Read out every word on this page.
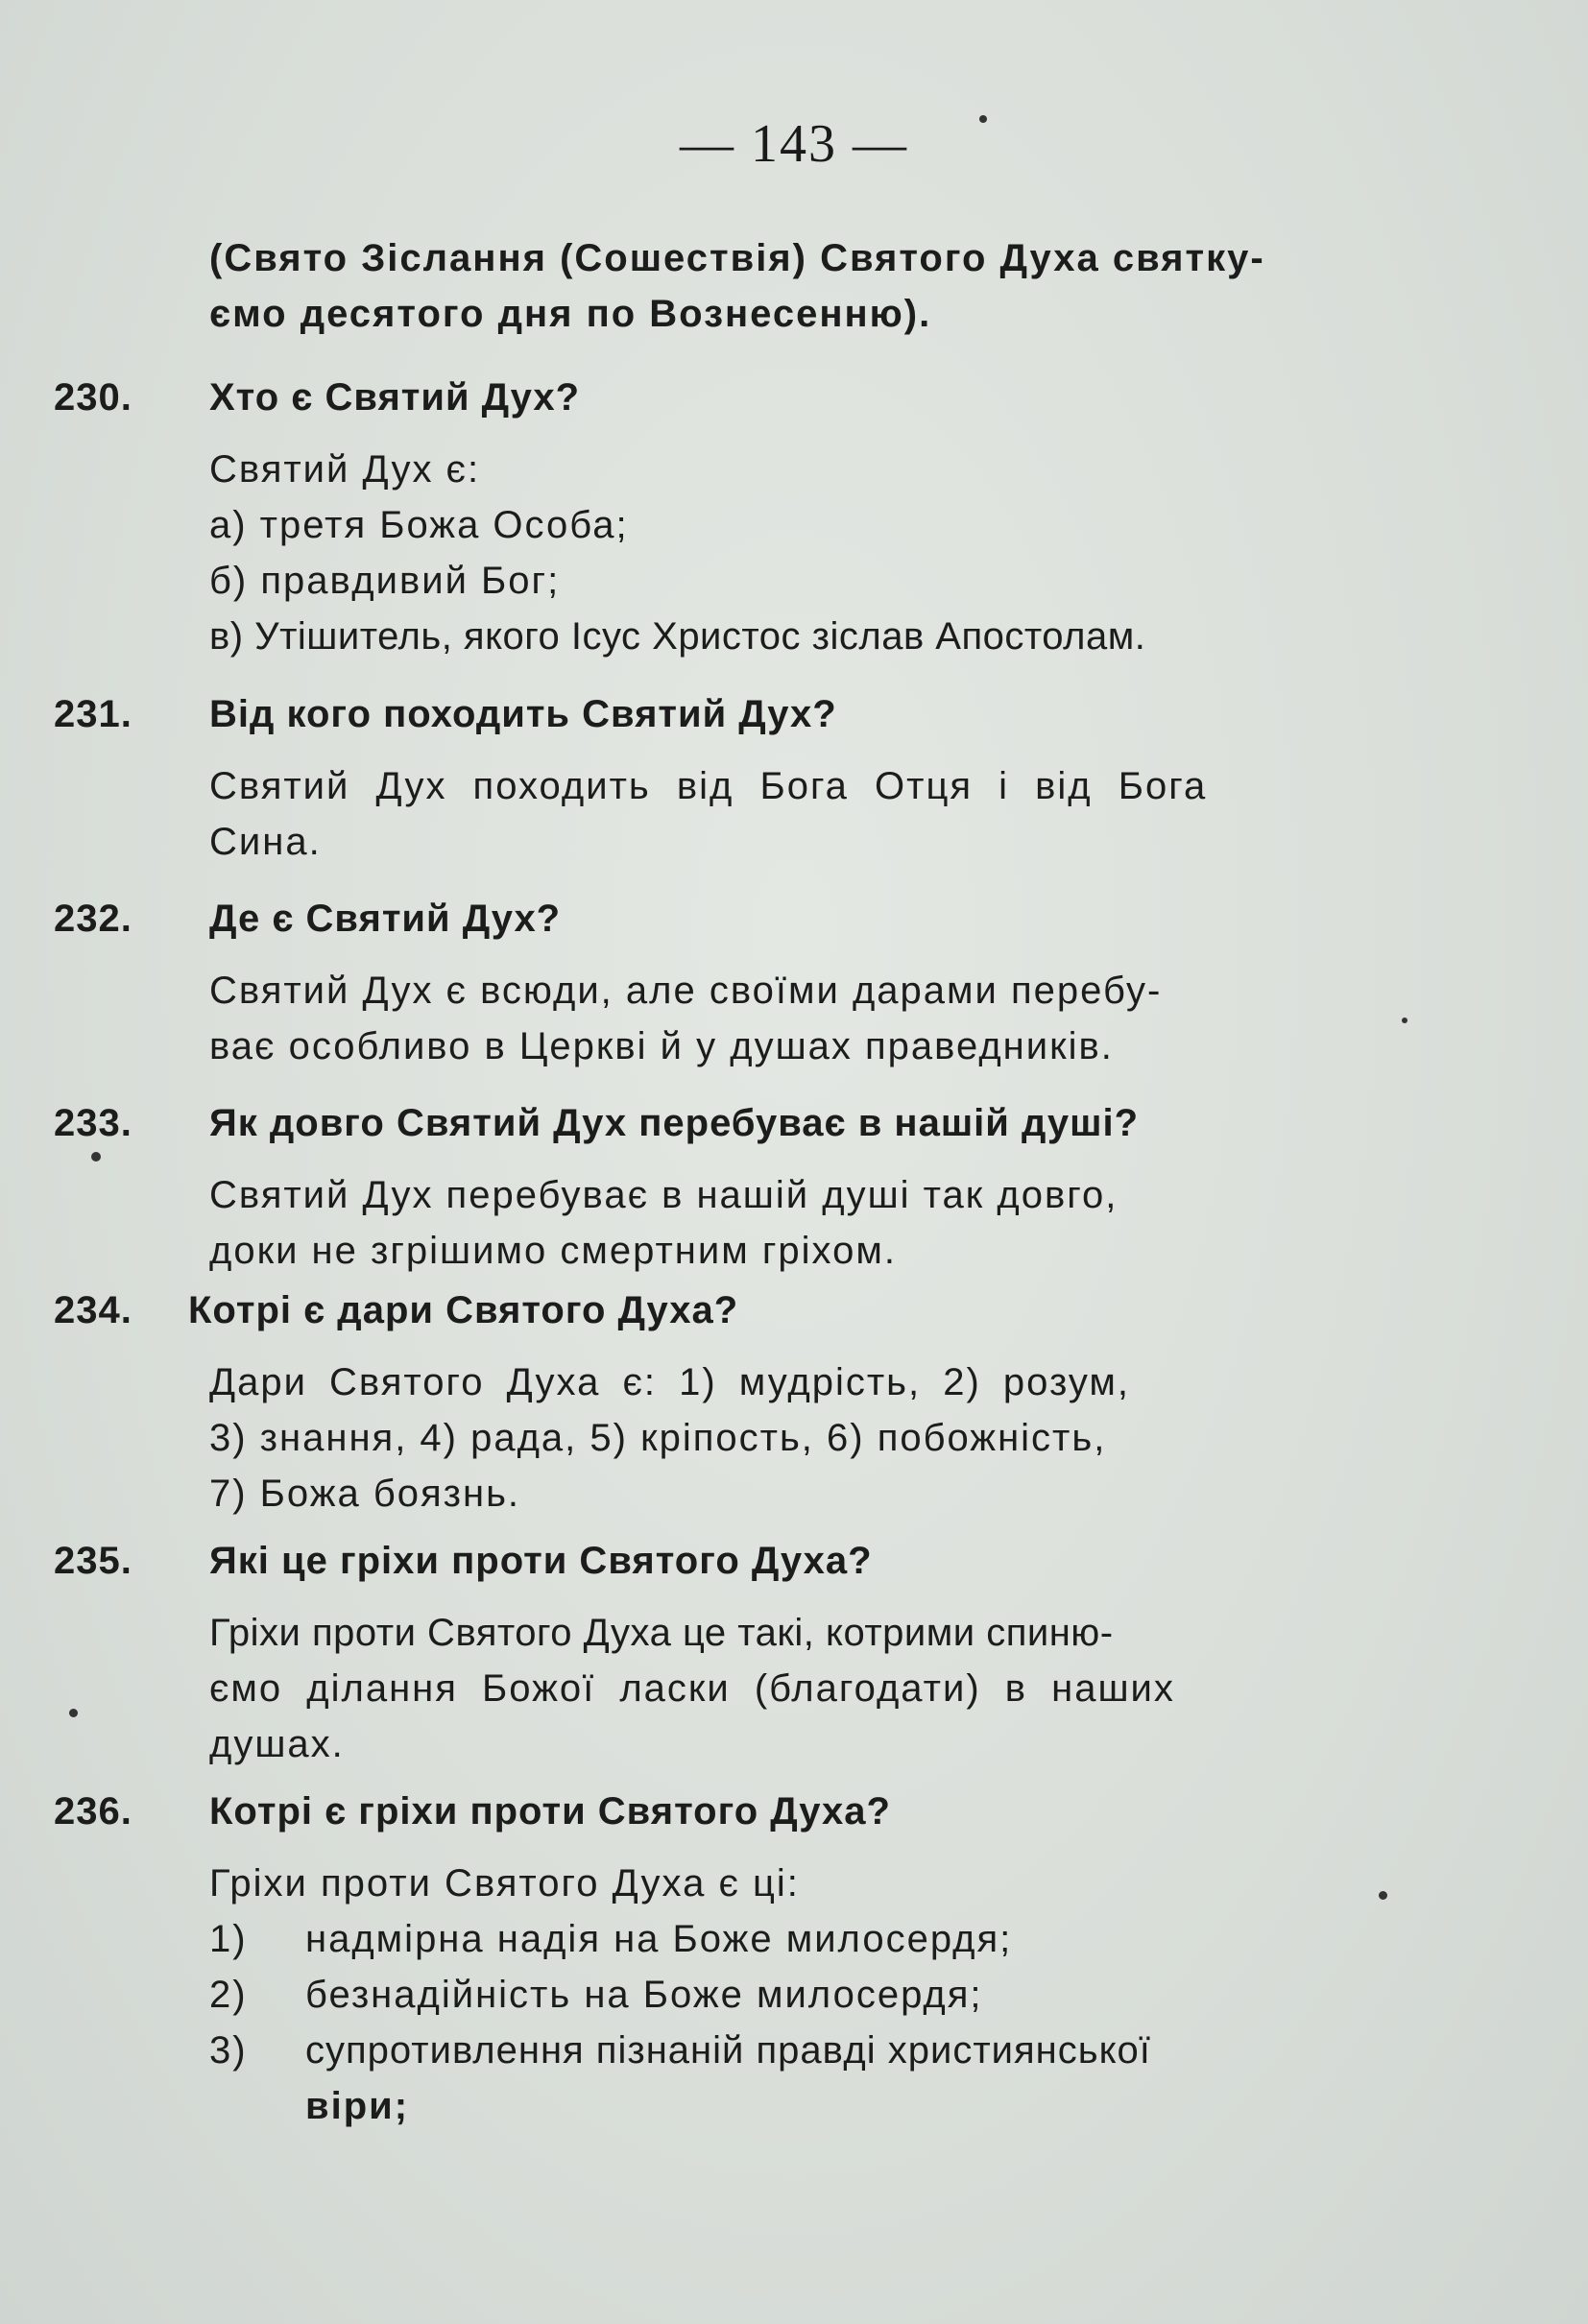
— 143 —
(Свято Зіслання (Сошествія) Святого Духа святку-
ємо десятого дня по Вознесенню).
230. Хто є Святий Дух?
Святий Дух є:
а) третя Божа Особа;
б) правдивий Бог;
в) Утішитель, якого Ісус Христос зіслав Апостолам.
231. Від кого походить Святий Дух?
Святий Дух походить від Бога Отця і від Бога
Сина.
232. Де є Святий Дух?
Святий Дух є всюди, але своїми дарами перебу-
ває особливо в Церкві й у душах праведників.
233. Як довго Святий Дух перебуває в нашій душі?
Святий Дух перебуває в нашій душі так довго,
доки не згрішимо смертним гріхом.
234. Котрі є дари Святого Духа?
Дари Святого Духа є: 1) мудрість, 2) розум,
3) знання, 4) рада, 5) кріпость, 6) побожність,
7) Божа боязнь.
235. Які це гріхи проти Святого Духа?
Гріхи проти Святого Духа це такі, котрими спиню-
ємо ділання Божої ласки (благодати) в наших
душах.
236. Котрі є гріхи проти Святого Духа?
Гріхи проти Святого Духа є ці:
1) надмірна надія на Боже милосердя;
2) безнадійність на Боже милосердя;
3) супротивлення пізнаній правді християнської
віри;
